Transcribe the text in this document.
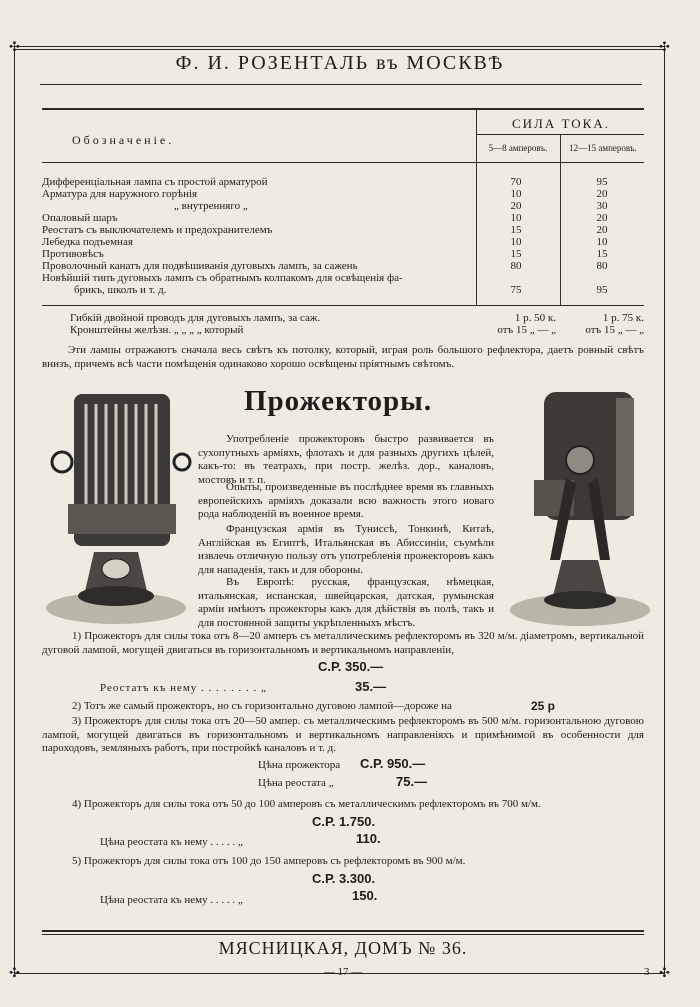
✣	✣
✣	✣
Ф. И. РОЗЕНТАЛЬ въ МОСКВѢ
Обозначеніе.
СИЛА ТОКА.
5—8 амперовъ.	12—15 амперовъ.
Дифференціальная лампа съ простой арматурой	70	95
Арматура для наружного горѣнія	10	20
„ внутренняго „	20	30
Опаловый шаръ	10	20
Реостатъ съ выключателемъ и предохранителемъ	15	20
Лебедка подъемная	10	10
Противовѣсъ	15	15
Проволочный канатъ для подвѣшиванія дуговыхъ лампъ, за сажень	80	80
Новѣйшій типъ дуговыхъ лампъ съ обратнымъ колпакомъ для освѣщенія фа-
брикъ, школъ и т. д.	75	95
Гибкій двойной проводъ для дуговыхъ лампъ, за саж.	1 р. 50 к.	1 р. 75 к.
Кронштейны желѣзн. „ „ „ „ который	отъ 15 „ — „	отъ 15 „ — „
Эти лампы отражаютъ сначала весь свѣтъ къ потолку, который, играя роль большого рефлектора, даетъ ровный свѣтъ внизъ, причемъ всѣ части помѣщенія одинаково хорошо освѣщены пріятнымъ свѣтомъ.
Прожекторы.
Употребленіе прожекторовъ быстро развивается въ сухопутныхъ арміяхъ, флотахъ и для разныхъ другихъ цѣлей, какъ-то: въ театрахъ, при постр. желѣз. дор., каналовъ, мостовъ и т. п.
Опыты, произведенные въ послѣднее время въ главныхъ европейскихъ арміяхъ доказали всю важность этого новаго рода наблюденій въ военное время.
Французская армія въ Туниссѣ, Тонкинѣ, Китаѣ, Англійская въ Египтѣ, Итальянская въ Абиссиніи, съумѣли извлечь отличную пользу отъ употребленія прожекторовъ какъ для нападенія, такъ и для обороны.
Въ Европѣ: русская, французская, нѣмецкая, итальянская, испанская, швейцарская, датская, румынская арміи имѣютъ прожекторы какъ для дѣйствія въ полѣ, такъ и для постоянной защиты укрѣпленныхъ мѣстъ.
1) Прожекторъ для силы тока отъ 8—20 амперъ съ металлическимъ рефлекторомъ въ 320 м/м. діаметромъ, вертикальной дуговой лампой, могущей двигаться въ горизонтальномъ и вертикальномъ направленіи,
С.Р. 350.—
Реостатъ къ нему . . . . . . . . „	35.—
2) Тотъ же самый прожекторъ, но съ горизонтально дуговою лампой—дороже на	25 р
3) Прожекторъ для силы тока отъ 20—50 ампер. съ металлическимъ рефлекторомъ въ 500 м/м. горизонтальною дуговою лампой, могущей двигаться въ горизонтальномъ и вертикальномъ направленіяхъ и примѣнимой въ особенности для пароходовъ, земляныхъ работъ, при постройкѣ каналовъ и т. д.
Цѣна прожектора С.Р. 950.—
Цѣна реостата „	75.—
4) Прожекторъ для силы тока отъ 50 до 100 амперовъ съ металлическимъ рефлекторомъ въ 700 м/м.
С.Р. 1.750.
Цѣна реостата къ нему . . . . . „	110.
5) Прожекторъ для силы тока отъ 100 до 150 амперовъ съ рефлекторомъ въ 900 м/м.
С.Р. 3.300.
Цѣна реостата къ нему . . . . . „	150.
МЯСНИЦКАЯ, ДОМЪ № 36.
— 17 —	3
